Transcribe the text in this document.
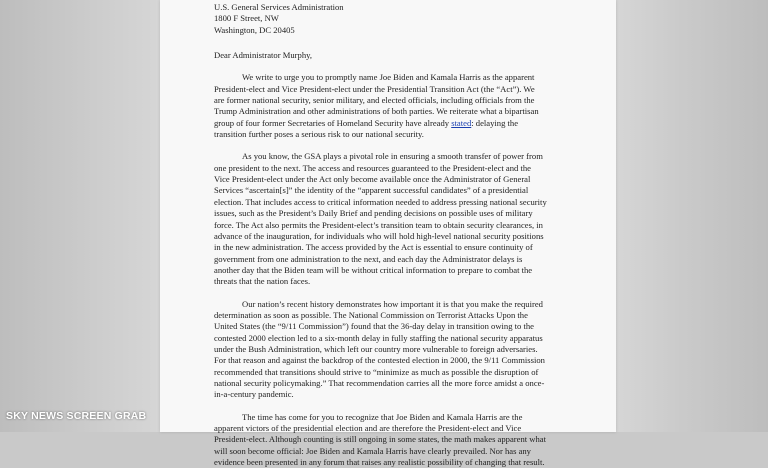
U.S. General Services Administration
1800 F Street, NW
Washington, DC 20405
Dear Administrator Murphy,
We write to urge you to promptly name Joe Biden and Kamala Harris as the apparent
President-elect and Vice President-elect under the Presidential Transition Act (the “Act”). We
are former national security, senior military, and elected officials, including officials from the
Trump Administration and other administrations of both parties. We reiterate what a bipartisan
group of four former Secretaries of Homeland Security have already stated: delaying the
transition further poses a serious risk to our national security.
As you know, the GSA plays a pivotal role in ensuring a smooth transfer of power from
one president to the next. The access and resources guaranteed to the President-elect and the
Vice President-elect under the Act only become available once the Administrator of General
Services “ascertain[s]” the identity of the “apparent successful candidates” of a presidential
election. That includes access to critical information needed to address pressing national security
issues, such as the President’s Daily Brief and pending decisions on possible uses of military
force. The Act also permits the President-elect’s transition team to obtain security clearances, in
advance of the inauguration, for individuals who will hold high-level national security positions
in the new administration. The access provided by the Act is essential to ensure continuity of
government from one administration to the next, and each day the Administrator delays is
another day that the Biden team will be without critical information to prepare to combat the
threats that the nation faces.
Our nation’s recent history demonstrates how important it is that you make the required
determination as soon as possible. The National Commission on Terrorist Attacks Upon the
United States (the “9/11 Commission”) found that the 36-day delay in transition owing to the
contested 2000 election led to a six-month delay in fully staffing the national security apparatus
under the Bush Administration, which left our country more vulnerable to foreign adversaries.
For that reason and against the backdrop of the contested election in 2000, the 9/11 Commission
recommended that transitions should strive to “minimize as much as possible the disruption of
national security policymaking.” That recommendation carries all the more force amidst a once-
in-a-century pandemic.
The time has come for you to recognize that Joe Biden and Kamala Harris are the
apparent victors of the presidential election and are therefore the President-elect and Vice
President-elect. Although counting is still ongoing in some states, the math makes apparent what
will soon become official: Joe Biden and Kamala Harris have clearly prevailed. Nor has any
evidence been presented in any forum that raises any realistic possibility of changing that result.
SKY NEWS SCREEN GRAB
